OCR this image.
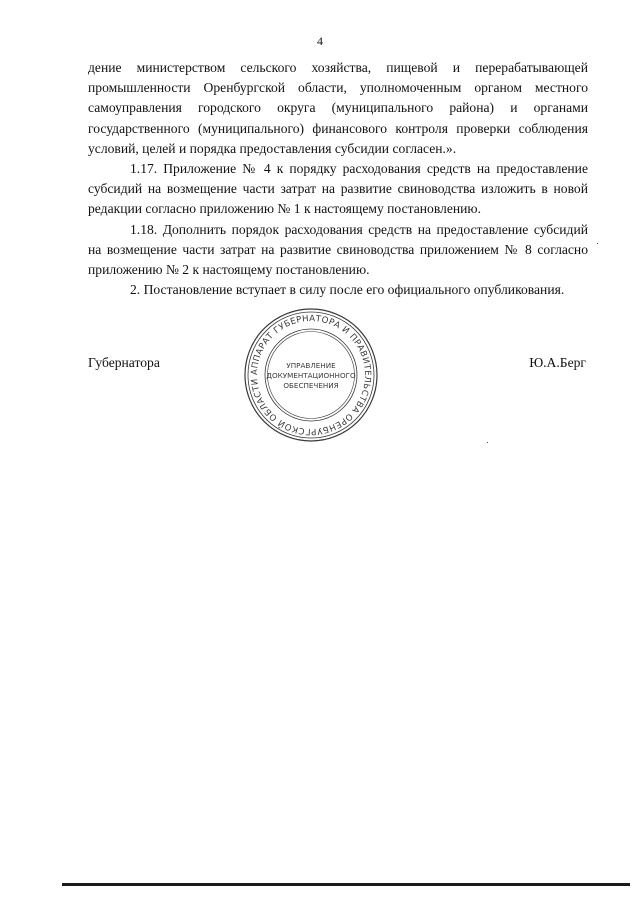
4

дение министерством сельского хозяйства, пищевой и перерабатывающей промышленности Оренбургской области, уполномоченным органом местного самоуправления городского округа (муниципального района) и органами государственного (муниципального) финансового контроля проверки соблюдения условий, целей и порядка предоставления субсидии согласен.».

1.17. Приложение № 4 к порядку расходования средств на предоставление субсидий на возмещение части затрат на развитие свиноводства изложить в новой редакции согласно приложению № 1 к настоящему постановлению.

1.18. Дополнить порядок расходования средств на предоставление субсидий на возмещение части затрат на развитие свиноводства приложением № 8 согласно приложению № 2 к настоящему постановлению.

2. Постановление вступает в силу после его официального опубликования.

Губернатора	Ю.А.Берг
АППАРАТ ГУБЕРНАТОРА И ПРАВИТЕЛЬСТВА ОРЕНБУРГСКОЙ ОБЛАСТИ
УПРАВЛЕНИЕ
ДОКУМЕНТАЦИОННОГО
ОБЕСПЕЧЕНИЯ
